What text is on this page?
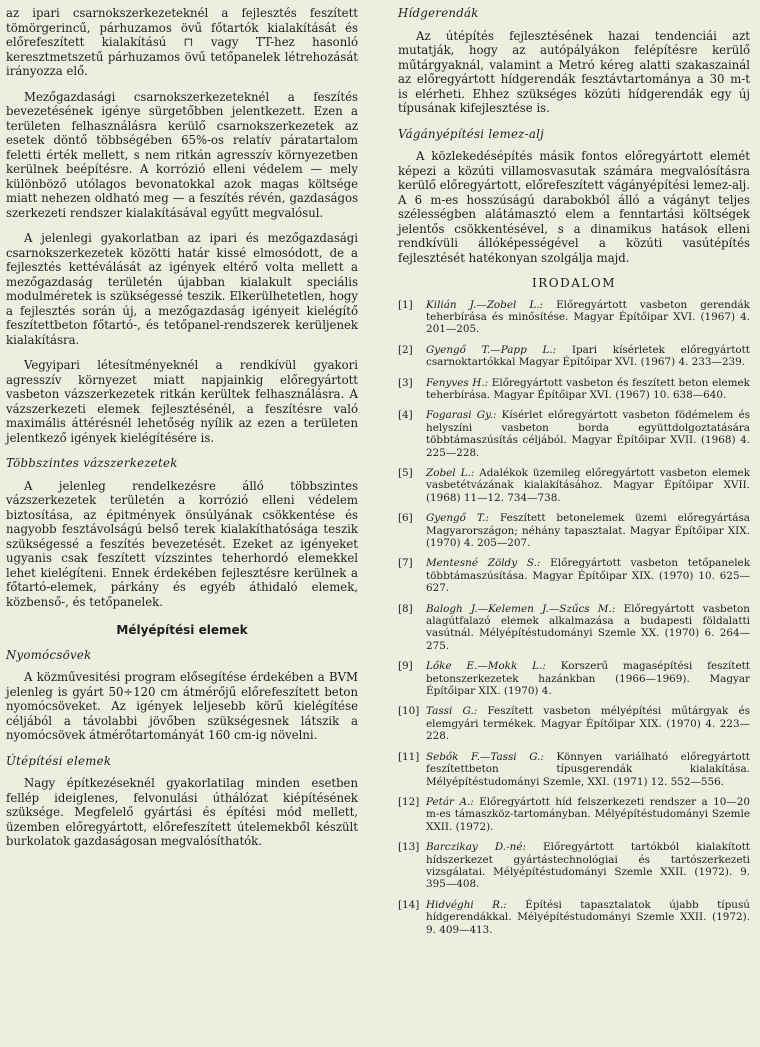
az ipari csarnokszerkezeteknél a fejlesztés feszített tömörgerincű, párhuzamos övű főtartók kialakítását és előrefeszített kialakítású ⊓ vagy TT-hez hasonló keresztmetszetű párhuzamos övű tetőpanelek létrehozását irányozza elő.

Mezőgazdasági csarnokszerkezeteknél a feszítés bevezetésének igénye sürgetőbben jelentkezett. Ezen a területen felhasználásra kerülő csarnokszerkezetek az esetek döntő többségében 65%-os relatív páratartalom feletti érték mellett, s nem ritkán agresszív környezetben kerülnek beépítésre. A korrózió elleni védelem — mely különböző utólagos bevonatokkal azok magas költsége miatt nehezen oldható meg — a feszítés révén, gazdaságos szerkezeti rendszer kialakításával egyűtt megvalósul.

A jelenlegi gyakorlatban az ipari és mezőgazdasági csarnokszerkezetek közötti határ kissé elmosódott, de a fejlesztés kettéválását az igények eltérő volta mellett a mezőgazdaság területén újabban kialakult speciális modulméretek is szükségessé teszik. Elkerülhetetlen, hogy a fejlesztés során új, a mezőgazdaság igényeit kielégítő feszítettbeton főtartó-, és tetőpanel-rendszerek kerüljenek kialakításra.

Vegyipari létesítményeknél a rendkívül gyakori agresszív környezet miatt napjainkig előregyártott vasbeton vázszerkezetek ritkán kerültek felhasználásra. A vázszerkezeti elemek fejlesztésénél, a feszítésre való maximális áttérésnél lehetőség nyílik az ezen a területen jelentkező igények kielégítésére is.

Többszintes vázszerkezetek

A jelenleg rendelkezésre álló többszintes vázszerkezetek területén a korrózió elleni védelem biztosítása, az épitmények önsúlyának csökkentése és nagyobb fesztávolságú belső terek kialakíthatósága teszik szükségessé a feszítés bevezetését. Ezeket az igényeket ugyanis csak feszített vízszintes teherhordó elemekkel lehet kielégíteni. Ennek érdekében fejlesztésre kerülnek a főtartó-elemek, párkány és egyéb áthidaló elemek, közbenső-, és tetőpanelek.

Mélyépítési elemek
Nyomócsövek

A közművesitési program elősegítése érdekében a BVM jelenleg is gyárt 50÷120 cm átmérőjű előrefeszített beton nyomócsöveket. Az igények leljesebb körű kielégítése céljából a távolabbi jövőben szükségesnek látszik a nyomócsövek átmérőtartományát 160 cm-ig növelni.

Útépítési elemek

Nagy építkezéseknél gyakorlatilag minden esetben fellép ideiglenes, felvonulási úthálózat kiépítésének szüksége. Megfelelő gyártási és építési mód mellett, üzemben előregyártott, előrefeszített útelemekből készült burkolatok gazdaságosan megvalósíthatók.

Hídgerendák

Az útépítés fejlesztésének hazai tendenciái azt mutatják, hogy az autópályákon felépítésre kerülő műtárgyaknál, valamint a Metró kéreg alatti szakaszainál az előregyártott hídgerendák fesztávtartománya a 30 m-t is elérheti. Ehhez szükséges közúti hídgerendák egy új típusának kifejlesztése is.

Vágányépítési lemez-alj

A közlekedésépítés másik fontos előregyártott elemét képezi a közúti villamosvasutak számára megvalósításra kerülő előregyártott, előrefeszített vágányépítési lemez-alj. A 6 m-es hosszúságú darabokból álló a vágányt teljes szélességben alátámasztó elem a fenntartási költségek jelentős csökkentésével, s a dinamikus hatások elleni rendkívüli állóképességével a közúti vasútépítés fejlesztését hatékonyan szolgálja majd.

IRODALOM
[1]	Kilián J.—Zobel L.: Előregyártott vasbeton gerendák teherbírása és minősítése. Magyar Építőipar XVI. (1967) 4. 201—205.
[2]	Gyengő T.—Papp L.: Ipari kísérletek előregyártott csarnoktartókkal Magyar Építőipar XVI. (1967) 4. 233—239.
[3]	Fenyves H.: Előregyártott vasbeton és feszített beton elemek teherbírása. Magyar Építőipar XVI. (1967) 10. 638—640.
[4]	Fogarasi Gy.: Kísérlet előregyártott vasbeton födémelem és helyszíni vasbeton borda együttdolgoztatására többtámaszúsítás céljából. Magyar Építőipar XVII. (1968) 4. 225—228.
[5]	Zobel L.: Adalékok üzemileg előregyártott vasbeton elemek vasbetétvázának kialakításához. Magyar Építőipar XVII. (1968) 11—12. 734—738.
[6]	Gyengő T.: Feszített betonelemek üzemi előregyártása Magyarországon; néhány tapasztalat. Magyar Építőipar XIX. (1970) 4. 205—207.
[7]	Mentesné Zöldy S.: Előregyártott vasbeton tetőpanelek többtámaszúsítása. Magyar Építőipar XIX. (1970) 10. 625—627.
[8]	Balogh J.—Kelemen J.—Szűcs M.: Előregyártott vasbeton alagútfalazó elemek alkalmazása a budapesti földalatti vasútnál. Mélyépítéstudományi Szemle XX. (1970) 6. 264—275.
[9]	Lőke E.—Mokk L.: Korszerű magasépítési feszített betonszerkezetek hazánkban (1966—1969). Magyar Építőipar XIX. (1970) 4.
[10] Tassi G.: Feszített vasbeton mélyépítési műtárgyak és elemgyári termékek. Magyar Építőipar XIX. (1970) 4. 223—228.
[11] Sebők F.—Tassi G.: Könnyen variálható előregyártott feszítettbeton típusgerendák kialakítása. Mélyépítéstudományi Szemle, XXI. (1971) 12. 552—556.
[12] Petár A.: Előregyártott híd felszerkezeti rendszer a 10—20 m-es támaszköz-tartományban. Mélyépítéstudományi Szemle XXII. (1972).
[13] Barczikay D.-né: Előregyártott tartókból kialakított hídszerkezet gyártástechnológiai és tartószerkezeti vizsgálatai. Mélyépítéstudományi Szemle XXII. (1972). 9. 395—408.
[14] Hidvéghi R.: Építési tapasztalatok újabb típusú hídgerendákkal. Mélyépítéstudományi Szemle XXII. (1972). 9. 409—413.
